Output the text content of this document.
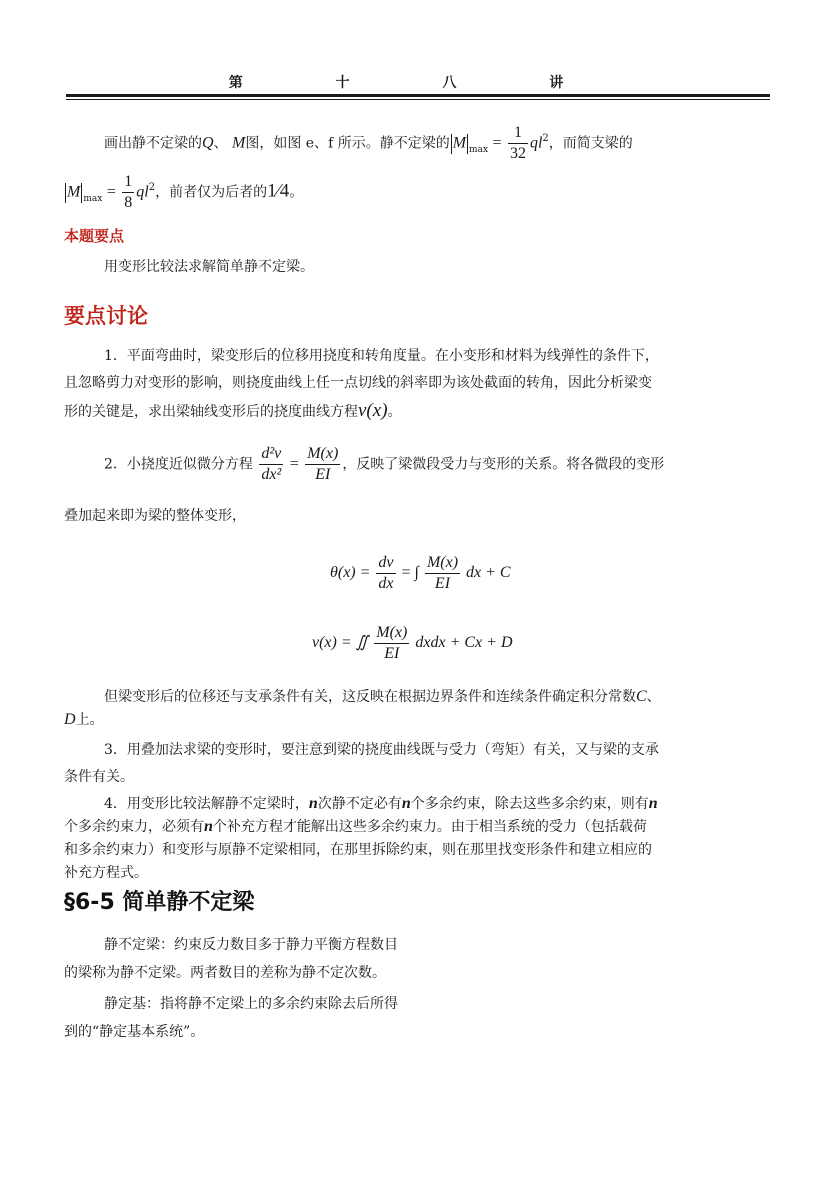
第 十 八 讲
画出静不定梁的Q、 M图，如图 e、f 所示。静不定梁的 M $_{max} = \frac{1}{32} ql^2$，而简支梁的
M $_{max} = \frac{1}{8} ql^2$，前者仅为后者的1⁄4。
本题要点
用变形比较法求解简单静不定梁。
要点讨论
1．平面弯曲时，梁变形后的位移用挠度和转角度量。在小变形和材料为线弹性的条件下，
且忽略剪力对变形的影响，则挠度曲线上任一点切线的斜率即为该处截面的转角，因此分析梁变
形的关键是，求出梁轴线变形后的挠度曲线方程v(x)。
2．小挠度近似微分方程 $\frac{\text{d²v}}{\text{dx²}} = \frac{M(x)}{EI}$ ，反映了梁微段受力与变形的关系。将各微段的变形
叠加起来即为梁的整体变形，
$\theta(x) = \frac{dv}{dx}$ = ∫ $\frac{M(x)}{EI}$ dx + C
v(x) = ∬ $\frac{M(x)}{EI}$ dxdx + Cx + D
但梁变形后的位移还与支承条件有关，这反映在根据边界条件和连续条件确定积分常数C、
D上。
3．用叠加法求梁的变形时，要注意到梁的挠度曲线既与受力（弯矩）有关，又与梁的支承
条件有关。
4．用变形比较法解静不定梁时，n次静不定必有n个多余约束，除去这些多余约束，则有n
个多余约束力，必须有n个补充方程才能解出这些多余约束力。由于相当系统的受力（包括载荷
和多余约束力）和变形与原静不定梁相同，在那里拆除约束，则在那里找变形条件和建立相应的
补充方程式。
§6-5 简单静不定梁
静不定梁：约束反力数目多于静力平衡方程数目
的梁称为静不定梁。两者数目的差称为静不定次数。
静定基：指将静不定梁上的多余约束除去后所得
到的“静定基本系统”。
